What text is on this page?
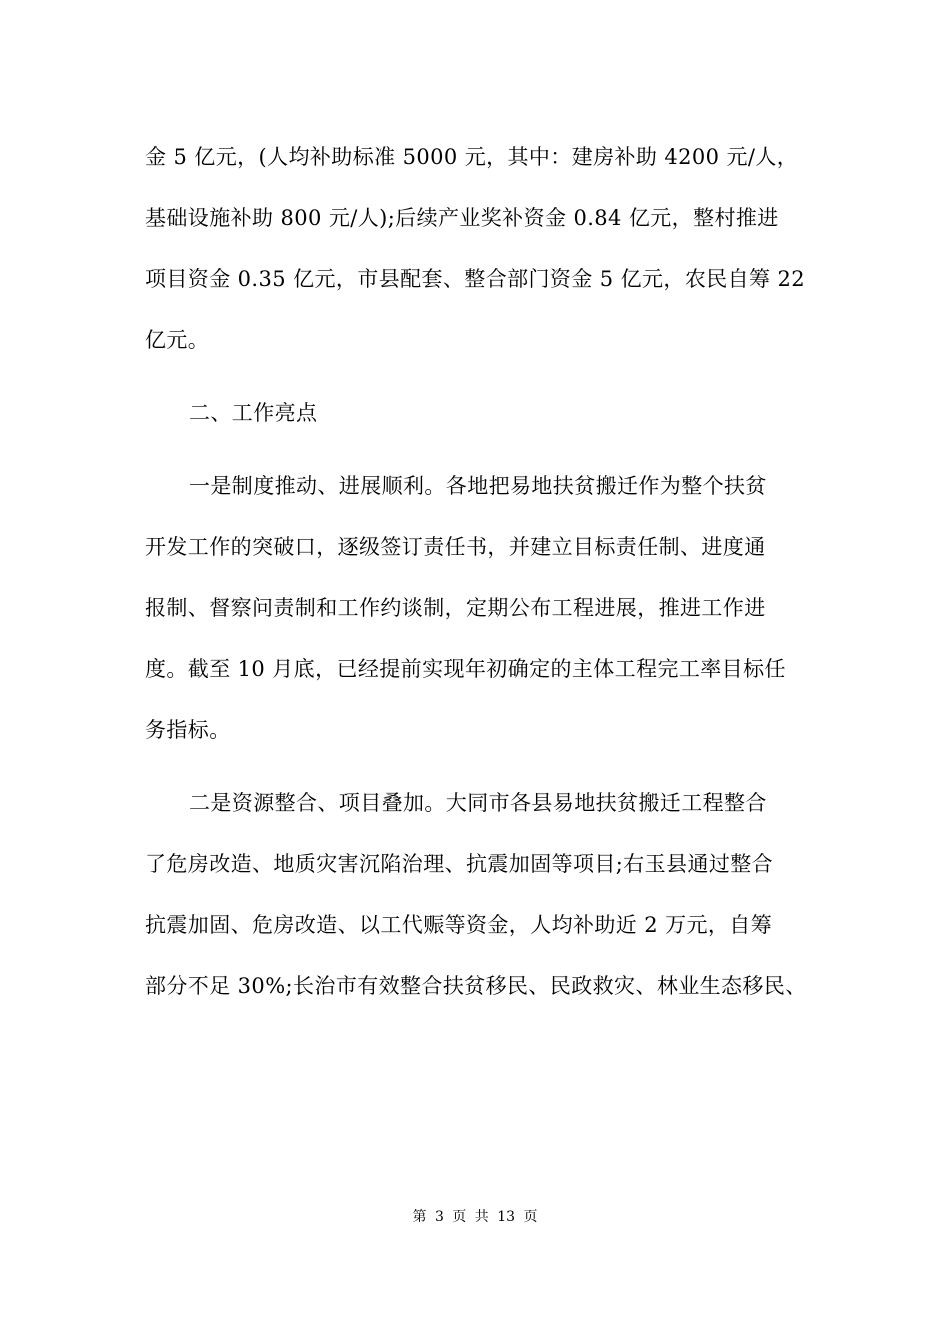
金 5 亿元，(人均补助标准 5000 元，其中：建房补助 4200 元/人，
基础设施补助 800 元/人);后续产业奖补资金 0.84 亿元，整村推进
项目资金 0.35 亿元，市县配套、整合部门资金 5 亿元，农民自筹 22
亿元。
二、工作亮点
一是制度推动、进展顺利。各地把易地扶贫搬迁作为整个扶贫
开发工作的突破口，逐级签订责任书，并建立目标责任制、进度通
报制、督察问责制和工作约谈制，定期公布工程进展，推进工作进
度。截至 10 月底，已经提前实现年初确定的主体工程完工率目标任
务指标。
二是资源整合、项目叠加。大同市各县易地扶贫搬迁工程整合
了危房改造、地质灾害沉陷治理、抗震加固等项目;右玉县通过整合
抗震加固、危房改造、以工代赈等资金，人均补助近 2 万元，自筹
部分不足 30%;长治市有效整合扶贫移民、民政救灾、林业生态移民、
第 3 页 共 13 页
